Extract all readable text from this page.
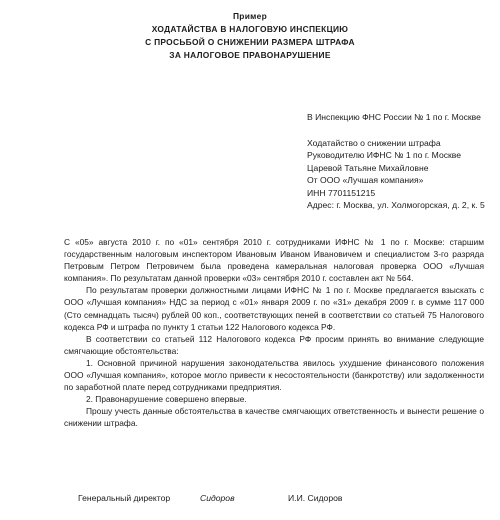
Пример
ХОДАТАЙСТВА В НАЛОГОВУЮ ИНСПЕКЦИЮ
С ПРОСЬБОЙ О СНИЖЕНИИ РАЗМЕРА ШТРАФА
ЗА НАЛОГОВОЕ ПРАВОНАРУШЕНИЕ
В Инспекцию ФНС России № 1 по г. Москве
Ходатайство о снижении штрафа
Руководителю ИФНС № 1 по г. Москве
Царевой Татьяне Михайловне
От ООО «Лучшая компания»
ИНН 7701151215
Адрес: г. Москва, ул. Холмогорская, д. 2, к. 5

С «05» августа 2010 г. по «01» сентября 2010 г. сотрудниками ИФНС № 1 по г. Москве: старшим государственным налоговым инспектором Ивановым Иваном Ивановичем и специалистом 3-го разряда Петровым Петром Петровичем была проведена камеральная налоговая проверка ООО «Лучшая компания». По результатам данной проверки «03» сентября 2010 г. составлен акт № 564.

По результатам проверки должностными лицами ИФНС № 1 по г. Москве предлагается взыскать с ООО «Лучшая компания» НДС за период с «01» января 2009 г. по «31» декабря 2009 г. в сумме 117 000 (Сто семнадцать тысяч) рублей 00 коп., соответствующих пеней в соответствии со статьей 75 Налогового кодекса РФ и штрафа по пункту 1 статьи 122 Налогового кодекса РФ.

В соответствии со статьей 112 Налогового кодекса РФ просим принять во внимание следующие смягчающие обстоятельства:

1. Основной причиной нарушения законодательства явилось ухудшение финансового положения ООО «Лучшая компания», которое могло привести к несостоятельности (банкротству) или задолженности по заработной плате перед сотрудниками предприятия.

2. Правонарушение совершено впервые.

Прошу учесть данные обстоятельства в качестве смягчающих ответственность и вынести решение о снижении штрафа.

Генеральный директор	Сидоров	И.И. Сидоров
